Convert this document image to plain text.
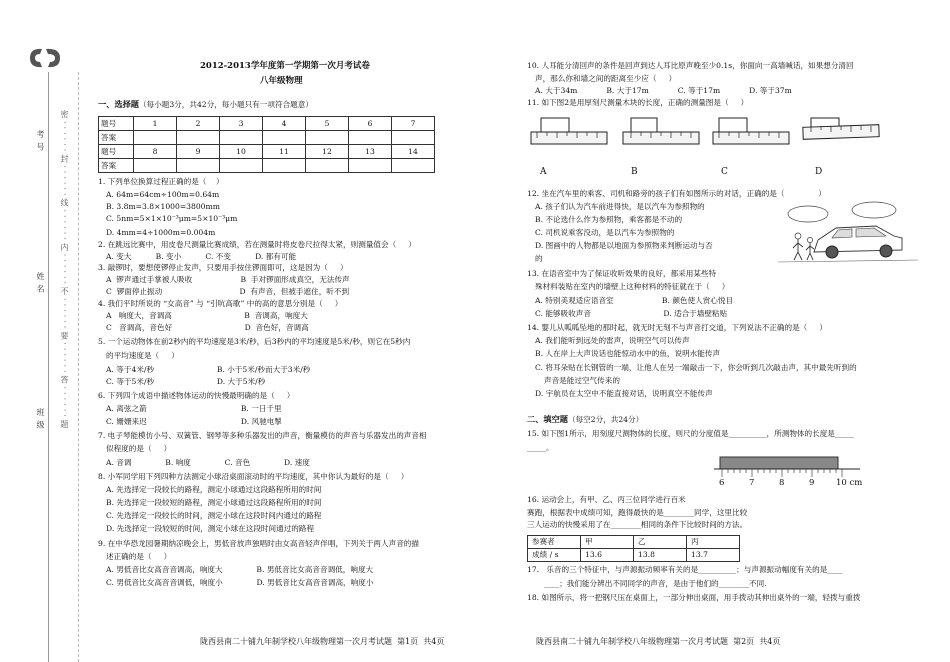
考 号
姓 名
班 级 密······封······线······内······不······要······答······题
2012-2013学年度第一学期第一次月考试卷
八年级物理
一、选择题（每小题3分，共42分，每小题只有一项符合题意）
题号	1	2	3	4	5	6	7
答案							
题号	8	9	10	11	12	13	14
答案							
1. 下列单位换算过程正确的是（    ）
A. 64m=64cm÷100m=0.64m
B. 3.8m=3.8×1000=3800mm
C. 5nm=5×1×10⁻³μm=5×10⁻³μm
D. 4mm=4÷1000m=0.004m
2. 在跳远比赛中，用皮卷尺测量比赛成绩，若在测量时将皮卷尺拉得太紧，则测量值会（     ）
A. 变大          B. 变小          C. 不变          D. 都有可能
3. 敲锣时，要想使锣停止发声，只要用手按住锣面即可，这是因为（     ）
A  锣声通过手掌被人吸收                    B  手对锣面形成真空，无法传声
C  锣面停止振动                                D  有声音，但被手遮住，听不到
4. 我们平时所说的 “女高音” 与 “引吭高歌” 中的高的意思分别是（     ）
A   响度大，音调高                              B  音调高，响度大
C   音调高，音色好                              D  音色好，音调高
5. 一个运动物体在前2秒内的平均速度是3米/秒，后3秒内的平均速度是5米/秒，则它在5秒内
的平均速度是（     ）
A. 等于4米/秒                          B. 小于5米/秒而大于3米/秒
C. 等于5米/秒                          D. 大于5米/秒
6. 下列四个成语中描述物体运动的快慢最明确的是（     ）
A. 离弦之箭                                       B. 一日千里
C. 姗姗来迟                                       D. 风驰电掣
7. 电子琴能模仿小号、双簧管、钢琴等多种乐器发出的声音，衡量模仿的声音与乐器发出的声音相
似程度的是（     ）
A. 音调              B. 响度              C. 音色              D. 速度
8. 小军同学用下列四种方法测定小球沿桌面滚动时的平均速度，其中你认为最好的是（     ）
A. 先选择定一段较长的路程，测定小球通过这段路程所用的时间
B. 先选择定一段较短的路程，测定小球通过这段路程所用的时间
C. 先选择定一段较长的时间，测定小球在这段时间内通过的路程
D. 先选择定一段较短的时间，测定小球在这段时间通过的路程
9. 在中华恐龙园暑期纳凉晚会上，男低音放声独唱时由女高音轻声伴唱，下列关于两人声音的描
述正确的是（     ）
A. 男低音比女高音音调高，响度大              B. 男低音比女高音音调低，响度大
C. 男低音比女高音音调低，响度小              D. 男低音比女高音音调高，响度小
陇西县南二十铺九年制学校八年级物理第一次月考试题  第1页  共4页
10. 人耳能分清回声的条件是回声到达人耳比原声晚至少0.1s，你面向一高墙喊话，如果想分清回
声，那么你和墙之间的距离至少应（     ）
A. 大于34m            B. 大于17m            C. 等于17m            D. 等于37m
11. 如下图2是用厚刻尺测量木块的长度，正确的测量图是（     ）
A	B	C	D
12. 坐在汽车里的乘客、司机和路旁的孩子们有如图所示的对话，正确的是（              ）
A. 孩子们认为汽车前进得快，是以汽车为参照物的
B. 不论选什么作为参照物，乘客都是不动的
C. 司机说乘客没动，是以汽车为参照物的
D. 图画中的人物都是以地面为参照物来判断运动与否
的
13. 在语音室中为了保证收听效果的良好，都采用某些特
殊材料装贴在室内的墙壁上这种材料的特征就在于（     ）
A. 特别美观适应语音室                    B. 颜色使人赏心悦目
C. 能够吸收声音                              D. 适合于墙壁粘贴
14. 婴儿从呱呱坠地的那时起，就无时无刻不与声音打交道，下列说法不正确的是（     ）
A. 我们能听到远处的雷声，说明空气可以传声
B. 人在岸上大声说话也能惊动水中的鱼，说明水能传声
C. 将耳朵贴在长钢管的一端，让他人在另一端敲击一下，你会听到几次敲击声，其中最先听到的
声音是能过空气传来的
D. 宇航员在太空中不能直接对话，说明真空不能传声
二、填空题（每空2分，共24分）
15. 如下图1所示，用刻度尺测物体的长度，则尺的分度值是__________，所测物体的长度是_____
_____。
6	7	8	9	10 cm
16. 运动会上，有甲、乙、丙三位同学进行百米
赛跑，根据表中成绩可知，跑得最快的是________同学，这里比较
三人运动的快慢采用了在________相同的条件下比较时间的方法。
参赛者	甲	乙	丙
成绩 / s	13.6	13.8	13.7
17.   乐音的三个特征中，与声源振动频率有关的是__________；与声源振动幅度有关的是____
____；我们能分辨出不同同学的声音，是由于他们的________不同.
18. 如图所示，将一把钢尺压在桌面上，一部分伸出桌面，用手拨动其伸出桌外的一端，轻拨与重拨
陇西县南二十铺九年制学校八年级物理第一次月考试题  第2页  共4页
